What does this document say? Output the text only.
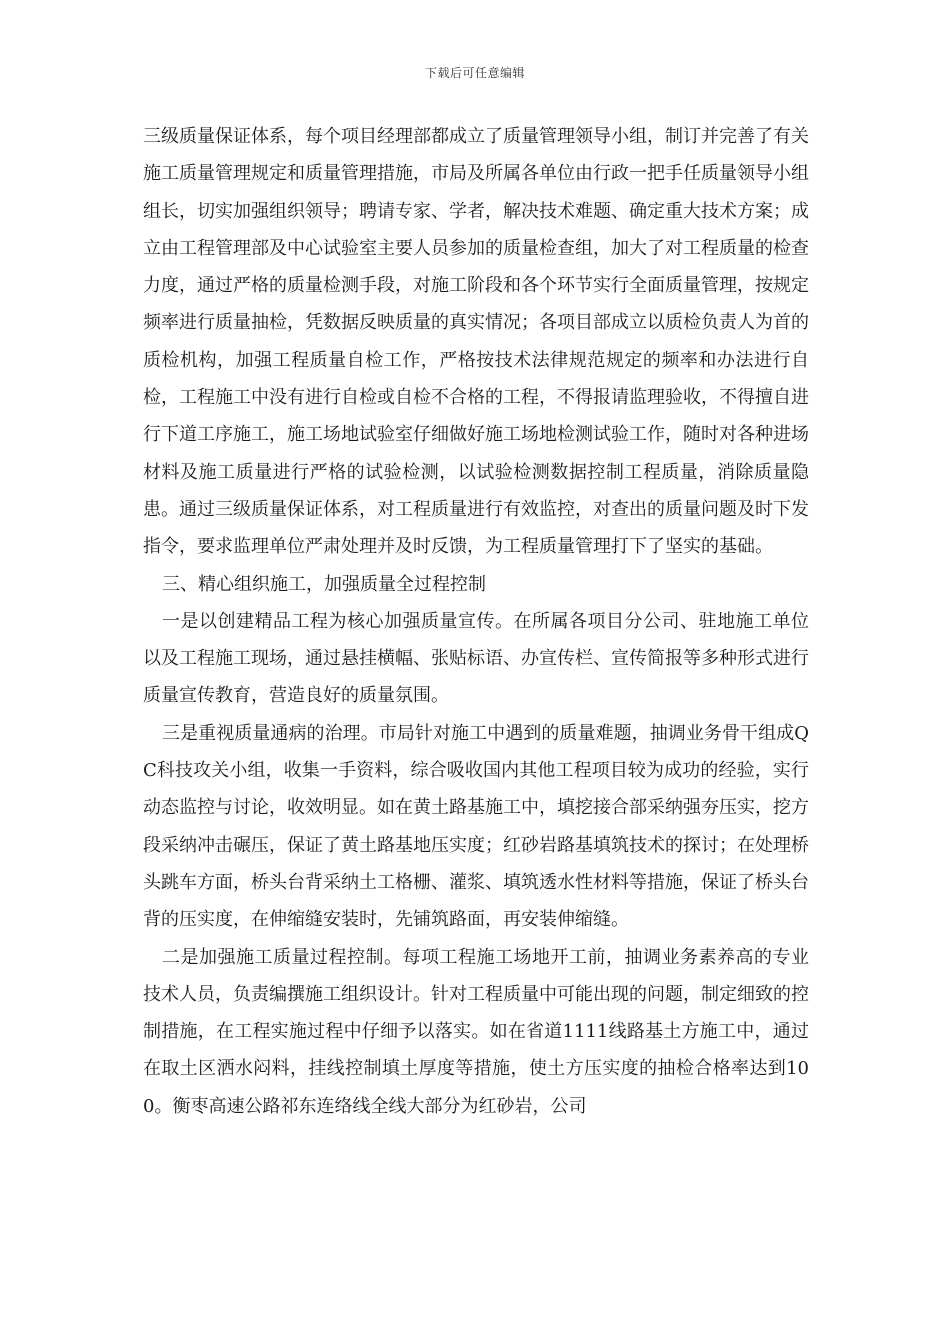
下载后可任意编辑

三级质量保证体系，每个项目经理部都成立了质量管理领导小组，制订并完善了有关施工质量管理规定和质量管理措施，市局及所属各单位由行政一把手任质量领导小组组长，切实加强组织领导；聘请专家、学者，解决技术难题、确定重大技术方案；成立由工程管理部及中心试验室主要人员参加的质量检查组，加大了对工程质量的检查力度，通过严格的质量检测手段，对施工阶段和各个环节实行全面质量管理，按规定频率进行质量抽检，凭数据反映质量的真实情况；各项目部成立以质检负责人为首的质检机构，加强工程质量自检工作，严格按技术法律规范规定的频率和办法进行自检，工程施工中没有进行自检或自检不合格的工程，不得报请监理验收，不得擅自进行下道工序施工，施工场地试验室仔细做好施工场地检测试验工作，随时对各种进场材料及施工质量进行严格的试验检测，以试验检测数据控制工程质量，消除质量隐患。通过三级质量保证体系，对工程质量进行有效监控，对查出的质量问题及时下发指令，要求监理单位严肃处理并及时反馈，为工程质量管理打下了坚实的基础。

三、精心组织施工，加强质量全过程控制

一是以创建精品工程为核心加强质量宣传。在所属各项目分公司、驻地施工单位以及工程施工现场，通过悬挂横幅、张贴标语、办宣传栏、宣传简报等多种形式进行质量宣传教育，营造良好的质量氛围。

三是重视质量通病的治理。市局针对施工中遇到的质量难题，抽调业务骨干组成QC科技攻关小组，收集一手资料，综合吸收国内其他工程项目较为成功的经验，实行动态监控与讨论，收效明显。如在黄土路基施工中，填挖接合部采纳强夯压实，挖方段采纳冲击碾压，保证了黄土路基地压实度；红砂岩路基填筑技术的探讨；在处理桥头跳车方面，桥头台背采纳土工格栅、灌浆、填筑透水性材料等措施，保证了桥头台背的压实度，在伸缩缝安装时，先铺筑路面，再安装伸缩缝。

二是加强施工质量过程控制。每项工程施工场地开工前，抽调业务素养高的专业技术人员，负责编撰施工组织设计。针对工程质量中可能出现的问题，制定细致的控制措施，在工程实施过程中仔细予以落实。如在省道1111线路基土方施工中，通过在取土区洒水闷料，挂线控制填土厚度等措施，使土方压实度的抽检合格率达到100。衡枣高速公路祁东连络线全线大部分为红砂岩，公司
